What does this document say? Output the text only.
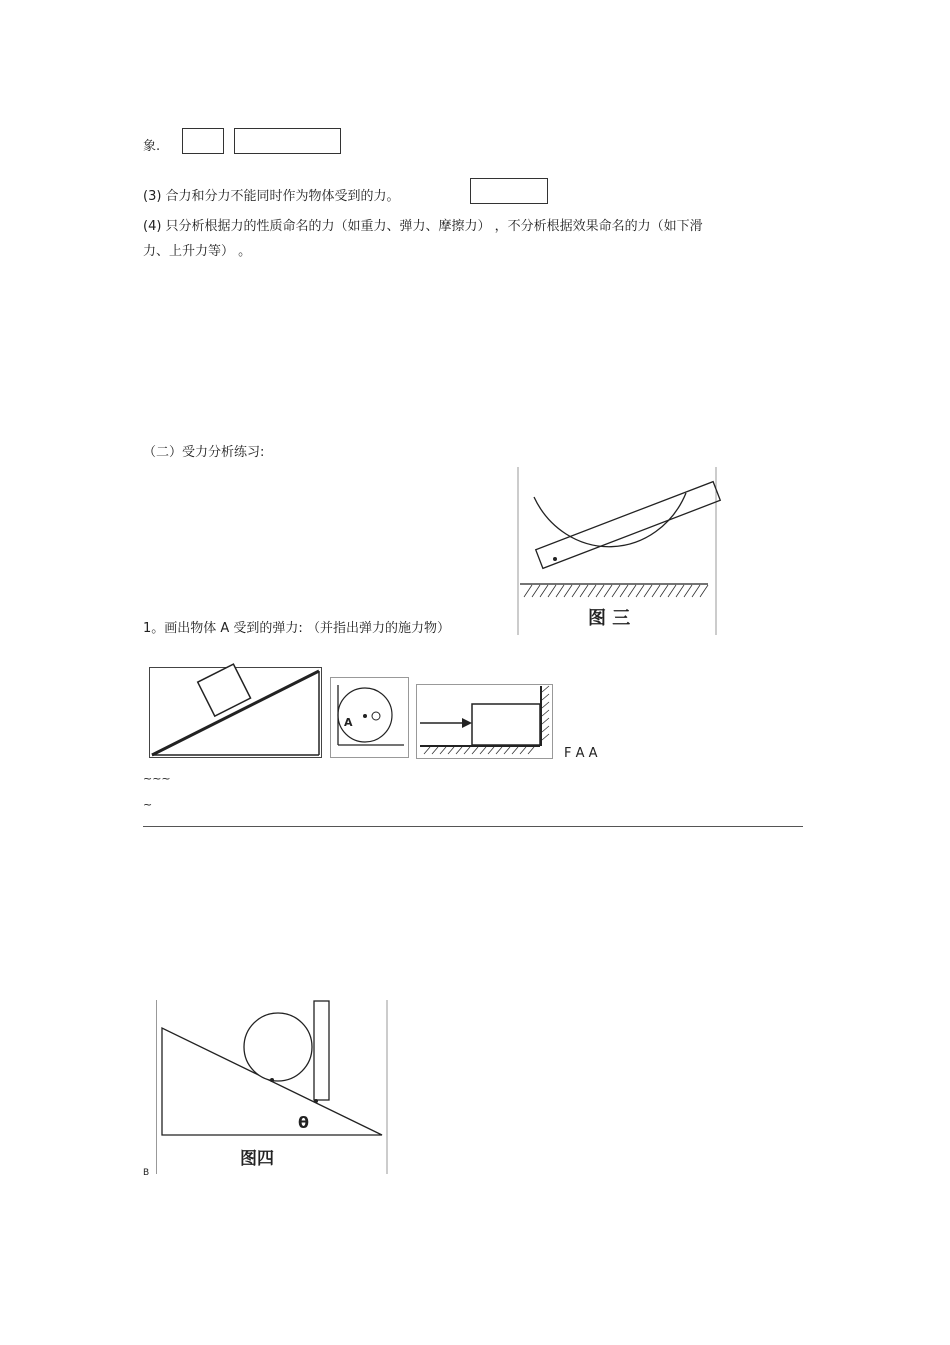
象.
(3) 合力和分力不能同时作为物体受到的力。
(4) 只分析根据力的性质命名的力（如重力、弹力、摩擦力） ，不分析根据效果命名的力（如下滑
力、上升力等） 。
（二）受力分析练习:
1。画出物体 A 受到的弹力: （并指出弹力的施力物）	图 三
A
F A A
~~~
~
θ
图四
B
